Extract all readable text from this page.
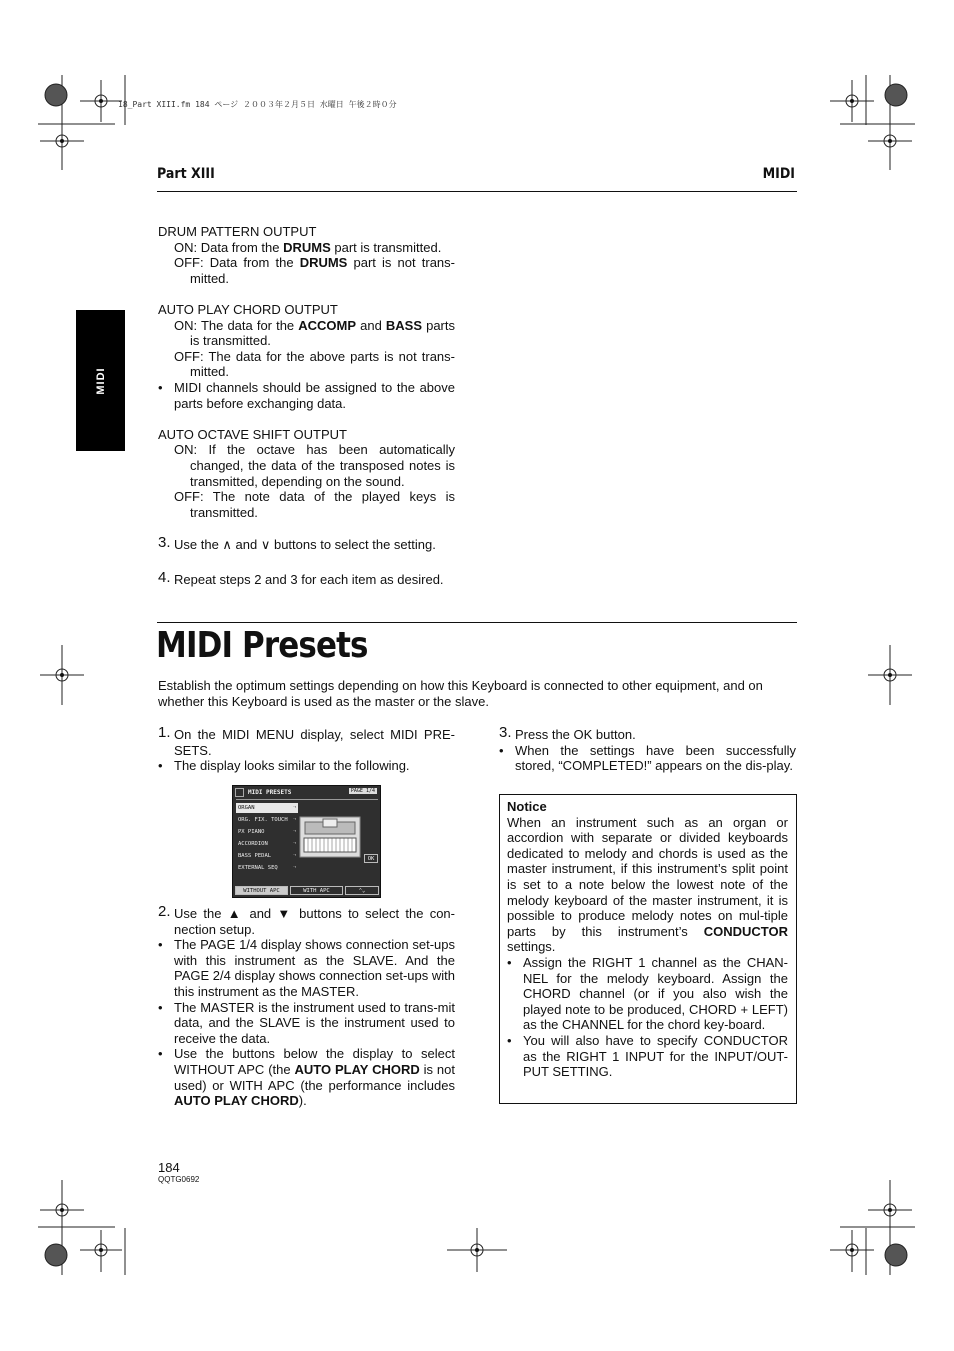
18_Part XIII.fm 184 ページ ２００３年２月５日 水曜日 午後２時０分
Part XIII	MIDI
MIDI

DRUM PATTERN OUTPUT

ON: Data from the DRUMS part is transmitted.

OFF: Data from the DRUMS part is not trans-mitted.

AUTO PLAY CHORD OUTPUT

ON: The data for the ACCOMP and BASS parts is transmitted.

OFF: The data for the above parts is not trans-mitted.

• MIDI channels should be assigned to the above parts before exchanging data.

AUTO OCTAVE SHIFT OUTPUT

ON: If the octave has been automatically changed, the data of the transposed notes is transmitted, depending on the sound.

OFF: The note data of the played keys is transmitted.

3. Use the ∧ and ∨ buttons to select the setting.

4. Repeat steps 2 and 3 for each item as desired.

MIDI Presets
Establish the optimum settings depending on how this Keyboard is connected to other equipment, and on whether this Keyboard is used as the master or the slave.

1. On the MIDI MENU display, select MIDI PRE-SETS.

• The display looks similar to the following.

MIDI PRESETS	PAGE 1/4
ORGAN	➝
ORG. FIX. TOUCH ➝
PX PIANO	➝
ACCORDION	➝
BASS PEDAL	➝
EXTERNAL SEQ	➝
OK
WITHOUT APC	WITH APC	⌃⌄

2. Use the ▲ and ▼ buttons to select the con-nection setup.

• The PAGE 1/4 display shows connection set-ups with this instrument as the SLAVE. And the PAGE 2/4 display shows connection set-ups with this instrument as the MASTER.

• The MASTER is the instrument used to trans-mit data, and the SLAVE is the instrument used to receive the data.

• Use the buttons below the display to select WITHOUT APC (the AUTO PLAY CHORD is not used) or WITH APC (the performance includes AUTO PLAY CHORD).

3. Press the OK button.

• When the settings have been successfully stored, “COMPLETED!” appears on the dis-play.

Notice

When an instrument such as an organ or accordion with separate or divided keyboards dedicated to melody and chords is used as the master instrument, if this instrument’s split point is set to a note below the lowest note of the melody keyboard of the master instrument, it is possible to produce melody notes on mul-tiple parts by this instrument’s CONDUCTOR settings.

• Assign the RIGHT 1 channel as the CHAN-NEL for the melody keyboard. Assign the CHORD channel (or if you also wish the played note to be produced, CHORD + LEFT) as the CHANNEL for the chord key-board.

• You will also have to specify CONDUCTOR as the RIGHT 1 INPUT for the INPUT/OUT-PUT SETTING.

184
QQTG0692
